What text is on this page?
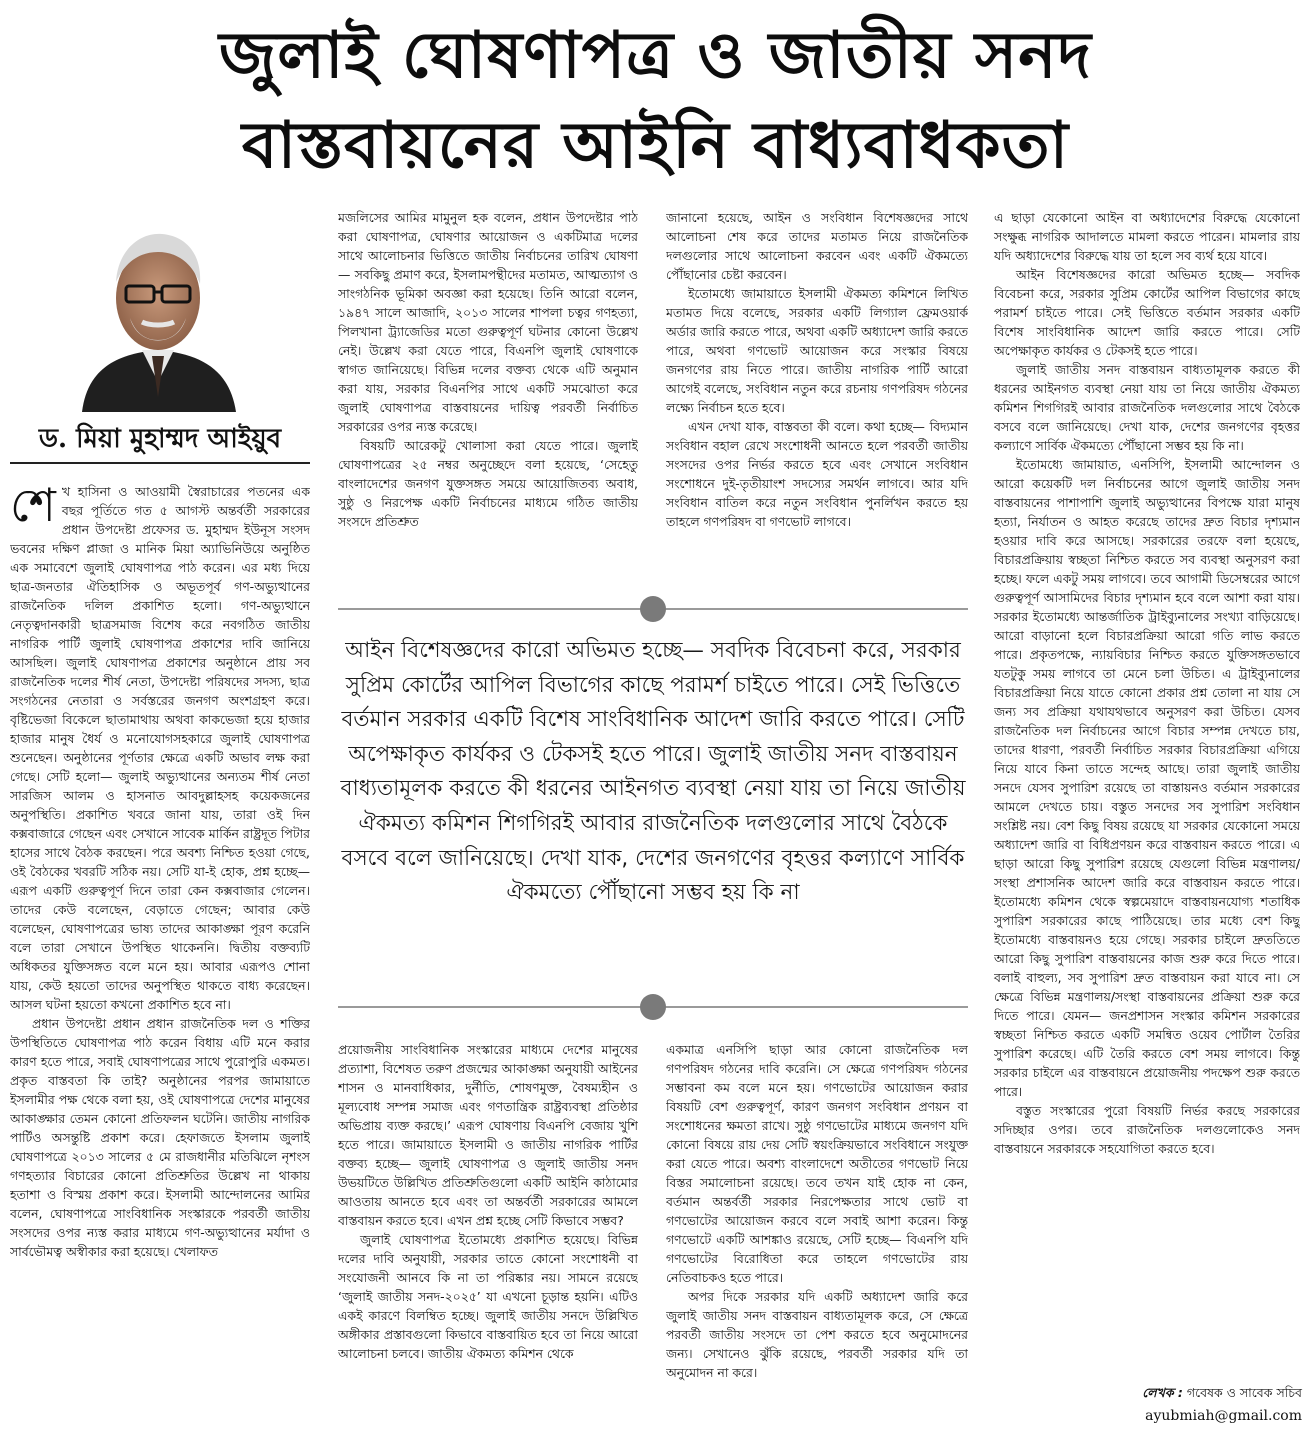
জুলাই ঘোষণাপত্র ও জাতীয় সনদ
বাস্তবায়নের আইনি বাধ্যবাধকতা
ড. মিয়া মুহাম্মদ আইয়ুব

শেখ হাসিনা ও আওয়ামী স্বৈরাচারের পতনের এক বছর পূর্তিতে গত ৫ আগস্ট অন্তর্বর্তী সরকারের প্রধান উপদেষ্টা প্রফেসর ড. মুহাম্মদ ইউনূস সংসদ ভবনের দক্ষিণ প্লাজা ও মানিক মিয়া অ্যাভিনিউয়ে অনুষ্ঠিত এক সমাবেশে জুলাই ঘোষণাপত্র পাঠ করেন। এর মধ্য দিয়ে ছাত্র-জনতার ঐতিহাসিক ও অভূতপূর্ব গণ-অভ্যুত্থানের রাজনৈতিক দলিল প্রকাশিত হলো। গণ-অভ্যুত্থানে নেতৃত্বদানকারী ছাত্রসমাজ বিশেষ করে নবগঠিত জাতীয় নাগরিক পার্টি জুলাই ঘোষণাপত্র প্রকাশের দাবি জানিয়ে আসছিল। জুলাই ঘোষণাপত্র প্রকাশের অনুষ্ঠানে প্রায় সব রাজনৈতিক দলের শীর্ষ নেতা, উপদেষ্টা পরিষদের সদস্য, ছাত্র সংগঠনের নেতারা ও সর্বস্তরের জনগণ অংশগ্রহণ করে। বৃষ্টিভেজা বিকেলে ছাতামাথায় অথবা কাকভেজা হয়ে হাজার হাজার মানুষ ধৈর্য ও মনোযোগসহকারে জুলাই ঘোষণাপত্র শুনেছেন। অনুষ্ঠানের পূর্ণতার ক্ষেত্রে একটি অভাব লক্ষ করা গেছে। সেটি হলো— জুলাই অভ্যুত্থানের অন্যতম শীর্ষ নেতা সারজিস আলম ও হাসনাত আবদুল্লাহসহ কয়েকজনের অনুপস্থিতি। প্রকাশিত খবরে জানা যায়, তারা ওই দিন কক্সবাজারে গেছেন এবং সেখানে সাবেক মার্কিন রাষ্ট্রদূত পিটার হাসের সাথে বৈঠক করছেন। পরে অবশ্য নিশ্চিত হওয়া গেছে, ওই বৈঠকের খবরটি সঠিক নয়। সেটি যা-ই হোক, প্রশ্ন হচ্ছে— এরূপ একটি গুরুত্বপূর্ণ দিনে তারা কেন কক্সবাজার গেলেন। তাদের কেউ বলেছেন, বেড়াতে গেছেন; আবার কেউ বলেছেন, ঘোষণাপত্রের ভাষ্য তাদের আকাঙ্ক্ষা পূরণ করেনি বলে তারা সেখানে উপস্থিত থাকেননি। দ্বিতীয় বক্তব্যটি অধিকতর যুক্তিসঙ্গত বলে মনে হয়। আবার এরূপও শোনা যায়, কেউ হয়তো তাদের অনুপস্থিত থাকতে বাধ্য করেছেন। আসল ঘটনা হয়তো কখনো প্রকাশিত হবে না।

প্রধান উপদেষ্টা প্রধান প্রধান রাজনৈতিক দল ও শক্তির উপস্থিতিতে ঘোষণাপত্র পাঠ করেন বিধায় এটি মনে করার কারণ হতে পারে, সবাই ঘোষণাপত্রের সাথে পুরোপুরি একমত। প্রকৃত বাস্তবতা কি তাই? অনুষ্ঠানের পরপর জামায়াতে ইসলামীর পক্ষ থেকে বলা হয়, ওই ঘোষণাপত্রে দেশের মানুষের আকাঙ্ক্ষার তেমন কোনো প্রতিফলন ঘটেনি। জাতীয় নাগরিক পার্টিও অসন্তুষ্টি প্রকাশ করে। হেফাজতে ইসলাম জুলাই ঘোষণাপত্রে ২০১৩ সালের ৫ মে রাজধানীর মতিঝিলে নৃশংস গণহত্যার বিচারের কোনো প্রতিশ্রুতির উল্লেখ না থাকায় হতাশা ও বিস্ময় প্রকাশ করে। ইসলামী আন্দোলনের আমির বলেন, ঘোষণাপত্রে সাংবিধানিক সংস্কারকে পরবর্তী জাতীয় সংসদের ওপর ন্যস্ত করার মাধ্যমে গণ-অভ্যুত্থানের মর্যাদা ও সার্বভৌমত্ব অস্বীকার করা হয়েছে। খেলাফত

মজলিসের আমির মামুনুল হক বলেন, প্রধান উপদেষ্টার পাঠ করা ঘোষণাপত্র, ঘোষণার আয়োজন ও একটিমাত্র দলের সাথে আলোচনার ভিত্তিতে জাতীয় নির্বাচনের তারিখ ঘোষণা— সবকিছু প্রমাণ করে, ইসলামপন্থীদের মতামত, আত্মত্যাগ ও সাংগঠনিক ভূমিকা অবজ্ঞা করা হয়েছে। তিনি আরো বলেন, ১৯৪৭ সালে আজাদি, ২০১৩ সালের শাপলা চত্বর গণহত্যা, পিলখানা ট্র্যাজেডির মতো গুরুত্বপূর্ণ ঘটনার কোনো উল্লেখ নেই। উল্লেখ করা যেতে পারে, বিএনপি জুলাই ঘোষণাকে স্বাগত জানিয়েছে। বিভিন্ন দলের বক্তব্য থেকে এটি অনুমান করা যায়, সরকার বিএনপির সাথে একটি সমঝোতা করে জুলাই ঘোষণাপত্র বাস্তবায়নের দায়িত্ব পরবর্তী নির্বাচিত সরকারের ওপর ন্যস্ত করেছে।

বিষয়টি আরেকটু খোলাসা করা যেতে পারে। জুলাই ঘোষণাপত্রের ২৫ নম্বর অনুচ্ছেদে বলা হয়েছে, ‘সেহেতু বাংলাদেশের জনগণ যুক্তসঙ্গত সময়ে আয়োজিতব্য অবাধ, সুষ্ঠু ও নিরপেক্ষ একটি নির্বাচনের মাধ্যমে গঠিত জাতীয় সংসদে প্রতিশ্রুত

জানানো হয়েছে, আইন ও সংবিধান বিশেষজ্ঞদের সাথে আলোচনা শেষ করে তাদের মতামত নিয়ে রাজনৈতিক দলগুলোর সাথে আলোচনা করবেন এবং একটি ঐকমত্যে পৌঁছানোর চেষ্টা করবেন।

ইতোমধ্যে জামায়াতে ইসলামী ঐকমত্য কমিশনে লিখিত মতামত দিয়ে বলেছে, সরকার একটি লিগ্যাল ফ্রেমওয়ার্ক অর্ডার জারি করতে পারে, অথবা একটি অধ্যাদেশ জারি করতে পারে, অথবা গণভোট আয়োজন করে সংস্কার বিষয়ে জনগণের রায় নিতে পারে। জাতীয় নাগরিক পার্টি আরো আগেই বলেছে, সংবিধান নতুন করে রচনায় গণপরিষদ গঠনের লক্ষ্যে নির্বাচন হতে হবে।

এখন দেখা যাক, বাস্তবতা কী বলে। কথা হচ্ছে— বিদ্যমান সংবিধান বহাল রেখে সংশোধনী আনতে হলে পরবর্তী জাতীয় সংসদের ওপর নির্ভর করতে হবে এবং সেখানে সংবিধান সংশোধনে দুই-তৃতীয়াংশ সদস্যের সমর্থন লাগবে। আর যদি সংবিধান বাতিল করে নতুন সংবিধান পুনর্লিখন করতে হয় তাহলে গণপরিষদ বা গণভোট লাগবে।

আইন বিশেষজ্ঞদের কারো অভিমত হচ্ছে— সবদিক বিবেচনা করে, সরকার সুপ্রিম কোর্টের আপিল বিভাগের কাছে পরামর্শ চাইতে পারে। সেই ভিত্তিতে বর্তমান সরকার একটি বিশেষ সাংবিধানিক আদেশ জারি করতে পারে। সেটি অপেক্ষাকৃত কার্যকর ও টেকসই হতে পারে। জুলাই জাতীয় সনদ বাস্তবায়ন বাধ্যতামূলক করতে কী ধরনের আইনগত ব্যবস্থা নেয়া যায় তা নিয়ে জাতীয় ঐকমত্য কমিশন শিগগিরই আবার রাজনৈতিক দলগুলোর সাথে বৈঠকে বসবে বলে জানিয়েছে। দেখা যাক, দেশের জনগণের বৃহত্তর কল্যাণে সার্বিক ঐকমত্যে পৌঁছানো সম্ভব হয় কি না

প্রয়োজনীয় সাংবিধানিক সংস্কারের মাধ্যমে দেশের মানুষের প্রত্যাশা, বিশেষত তরুণ প্রজন্মের আকাঙ্ক্ষা অনুযায়ী আইনের শাসন ও মানবাধিকার, দুর্নীতি, শোষণমুক্ত, বৈষম্যহীন ও মূল্যবোধ সম্পন্ন সমাজ এবং গণতান্ত্রিক রাষ্ট্রব্যবস্থা প্রতিষ্ঠার অভিপ্রায় ব্যক্ত করছে।’ এরূপ ঘোষণায় বিএনপি বেজায় খুশি হতে পারে। জামায়াতে ইসলামী ও জাতীয় নাগরিক পার্টির বক্তব্য হচ্ছে— জুলাই ঘোষণাপত্র ও জুলাই জাতীয় সনদ উভয়টিতে উল্লিখিত প্রতিশ্রুতিগুলো একটি আইনি কাঠামোর আওতায় আনতে হবে এবং তা অন্তর্বর্তী সরকারের আমলে বাস্তবায়ন করতে হবে। এখন প্রশ্ন হচ্ছে সেটি কিভাবে সম্ভব?

জুলাই ঘোষণাপত্র ইতোমধ্যে প্রকাশিত হয়েছে। বিভিন্ন দলের দাবি অনুযায়ী, সরকার তাতে কোনো সংশোধনী বা সংযোজনী আনবে কি না তা পরিষ্কার নয়। সামনে রয়েছে ‘জুলাই জাতীয় সনদ-২০২৫’ যা এখনো চূড়ান্ত হয়নি। এটিও একই কারণে বিলম্বিত হচ্ছে। জুলাই জাতীয় সনদে উল্লিখিত অঙ্গীকার প্রস্তাবগুলো কিভাবে বাস্তবায়িত হবে তা নিয়ে আরো আলোচনা চলবে। জাতীয় ঐকমত্য কমিশন থেকে

একমাত্র এনসিপি ছাড়া আর কোনো রাজনৈতিক দল গণপরিষদ গঠনের দাবি করেনি। সে ক্ষেত্রে গণপরিষদ গঠনের সম্ভাবনা কম বলে মনে হয়। গণভোটের আয়োজন করার বিষয়টি বেশ গুরুত্বপূর্ণ, কারণ জনগণ সংবিধান প্রণয়ন বা সংশোধনের ক্ষমতা রাখে। সুষ্ঠু গণভোটের মাধ্যমে জনগণ যদি কোনো বিষয়ে রায় দেয় সেটি স্বয়ংক্রিয়ভাবে সংবিধানে সংযুক্ত করা যেতে পারে। অবশ্য বাংলাদেশে অতীতের গণভোট নিয়ে বিস্তর সমালোচনা রয়েছে। তবে তখন যাই হোক না কেন, বর্তমান অন্তর্বর্তী সরকার নিরপেক্ষতার সাথে ভোট বা গণভোটের আয়োজন করবে বলে সবাই আশা করেন। কিন্তু গণভোটে একটি আশঙ্কাও রয়েছে, সেটি হচ্ছে— বিএনপি যদি গণভোটের বিরোধিতা করে তাহলে গণভোটের রায় নেতিবাচকও হতে পারে।

অপর দিকে সরকার যদি একটি অধ্যাদেশ জারি করে জুলাই জাতীয় সনদ বাস্তবায়ন বাধ্যতামূলক করে, সে ক্ষেত্রে পরবর্তী জাতীয় সংসদে তা পেশ করতে হবে অনুমোদনের জন্য। সেখানেও ঝুঁকি রয়েছে, পরবর্তী সরকার যদি তা অনুমোদন না করে।

এ ছাড়া যেকোনো আইন বা অধ্যাদেশের বিরুদ্ধে যেকোনো সংক্ষুব্ধ নাগরিক আদালতে মামলা করতে পারেন। মামলার রায় যদি অধ্যাদেশের বিরুদ্ধে যায় তা হলে সব ব্যর্থ হয়ে যাবে।

আইন বিশেষজ্ঞদের কারো অভিমত হচ্ছে— সবদিক বিবেচনা করে, সরকার সুপ্রিম কোর্টের আপিল বিভাগের কাছে পরামর্শ চাইতে পারে। সেই ভিত্তিতে বর্তমান সরকার একটি বিশেষ সাংবিধানিক আদেশ জারি করতে পারে। সেটি অপেক্ষাকৃত কার্যকর ও টেকসই হতে পারে।

জুলাই জাতীয় সনদ বাস্তবায়ন বাধ্যতামূলক করতে কী ধরনের আইনগত ব্যবস্থা নেয়া যায় তা নিয়ে জাতীয় ঐকমত্য কমিশন শিগগিরই আবার রাজনৈতিক দলগুলোর সাথে বৈঠকে বসবে বলে জানিয়েছে। দেখা যাক, দেশের জনগণের বৃহত্তর কল্যাণে সার্বিক ঐকমত্যে পৌঁছানো সম্ভব হয় কি না।

ইতোমধ্যে জামায়াত, এনসিপি, ইসলামী আন্দোলন ও আরো কয়েকটি দল নির্বাচনের আগে জুলাই জাতীয় সনদ বাস্তবায়নের পাশাপাশি জুলাই অভ্যুত্থানের বিপক্ষে যারা মানুষ হত্যা, নির্যাতন ও আহত করেছে তাদের দ্রুত বিচার দৃশ্যমান হওয়ার দাবি করে আসছে। সরকারের তরফে বলা হয়েছে, বিচারপ্রক্রিয়ায় স্বচ্ছতা নিশ্চিত করতে সব ব্যবস্থা অনুসরণ করা হচ্ছে। ফলে একটু সময় লাগবে। তবে আগামী ডিসেম্বরের আগে গুরুত্বপূর্ণ আসামিদের বিচার দৃশ্যমান হবে বলে আশা করা যায়। সরকার ইতোমধ্যে আন্তর্জাতিক ট্রাইব্যুনালের সংখ্যা বাড়িয়েছে। আরো বাড়ানো হলে বিচারপ্রক্রিয়া আরো গতি লাভ করতে পারে। প্রকৃতপক্ষে, ন্যায়বিচার নিশ্চিত করতে যুক্তিসঙ্গতভাবে যতটুকু সময় লাগবে তা মেনে চলা উচিত। এ ট্রাইব্যুনালের বিচারপ্রক্রিয়া নিয়ে যাতে কোনো প্রকার প্রশ্ন তোলা না যায় সে জন্য সব প্রক্রিয়া যথাযথভাবে অনুসরণ করা উচিত। যেসব রাজনৈতিক দল নির্বাচনের আগে বিচার সম্পন্ন দেখতে চায়, তাদের ধারণা, পরবর্তী নির্বাচিত সরকার বিচারপ্রক্রিয়া এগিয়ে নিয়ে যাবে কিনা তাতে সন্দেহ আছে। তারা জুলাই জাতীয় সনদে যেসব সুপারিশ রয়েছে তা বাস্তায়নও বর্তমান সরকারের আমলে দেখতে চায়। বস্তুত সনদের সব সুপারিশ সংবিধান সংশ্লিষ্ট নয়। বেশ কিছু বিষয় রয়েছে যা সরকার যেকোনো সময়ে অধ্যাদেশ জারি বা বিধিপ্রণয়ন করে বাস্তবায়ন করতে পারে। এ ছাড়া আরো কিছু সুপারিশ রয়েছে যেগুলো বিভিন্ন মন্ত্রণালয়/সংস্থা প্রশাসনিক আদেশ জারি করে বাস্তবায়ন করতে পারে। ইতোমধ্যে কমিশন থেকে স্বল্পমেয়াদে বাস্তবায়নযোগ্য শতাধিক সুপারিশ সরকারের কাছে পাঠিয়েছে। তার মধ্যে বেশ কিছু ইতোমধ্যে বাস্তবায়নও হয়ে গেছে। সরকার চাইলে দ্রুততিতে আরো কিছু সুপারিশ বাস্তবায়নের কাজ শুরু করে দিতে পারে। বলাই বাহুল্য, সব সুপারিশ দ্রুত বাস্তবায়ন করা যাবে না। সে ক্ষেত্রে বিভিন্ন মন্ত্রণালয়/সংস্থা বাস্তবায়নের প্রক্রিয়া শুরু করে দিতে পারে। যেমন— জনপ্রশাসন সংস্কার কমিশন সরকারের স্বচ্ছতা নিশ্চিত করতে একটি সমন্বিত ওয়েব পোর্টাল তৈরির সুপারিশ করেছে। এটি তৈরি করতে বেশ সময় লাগবে। কিন্তু সরকার চাইলে এর বাস্তবায়নে প্রয়োজনীয় পদক্ষেপ শুরু করতে পারে।

বস্তুত সংস্কারের পুরো বিষয়টি নির্ভর করছে সরকারের সদিচ্ছার ওপর। তবে রাজনৈতিক দলগুলোকেও সনদ বাস্তবায়নে সরকারকে সহযোগিতা করতে হবে।

লেখক : গবেষক ও সাবেক সচিব
ayubmiah@gmail.com
